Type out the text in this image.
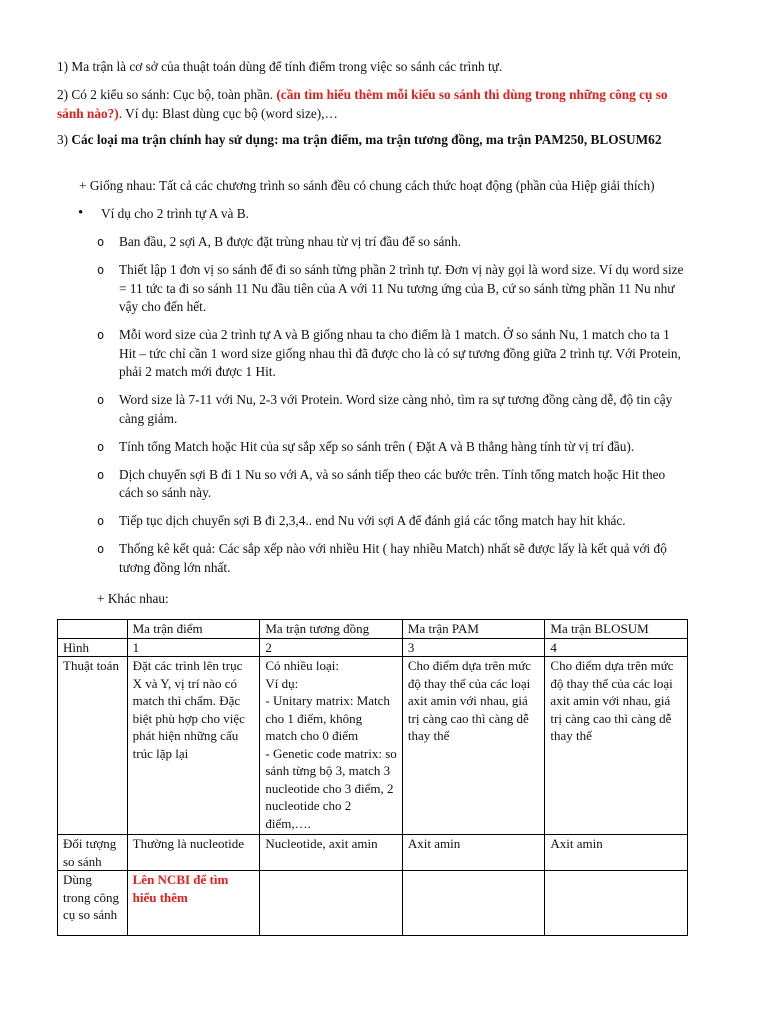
1) Ma trận là cơ sở của thuật toán dùng để tính điểm trong việc so sánh các trình tự.
2) Có 2 kiểu so sánh: Cục bộ, toàn phần. (cần tìm hiểu thêm mỗi kiểu so sánh thì dùng trong những công cụ so sánh nào?). Ví dụ: Blast dùng cục bộ (word size),…
3) Các loại ma trận chính hay sử dụng: ma trận điểm, ma trận tương đồng, ma trận PAM250, BLOSUM62
+ Giống nhau: Tất cả các chương trình so sánh đều có chung cách thức hoạt động (phần của Hiệp giải thích)
• Ví dụ cho 2 trình tự A và B.
o Ban đầu, 2 sợi A, B được đặt trùng nhau từ vị trí đầu để so sánh.
o Thiết lập 1 đơn vị so sánh để đi so sánh từng phần 2 trình tự. Đơn vị này gọi là word size. Ví dụ word size = 11 tức ta đi so sánh 11 Nu đầu tiên của A với 11 Nu tương ứng của B, cứ so sánh từng phần 11 Nu như vậy cho đến hết.
o Mỗi word size của 2 trình tự A và B giống nhau ta cho điểm là 1 match. Ở so sánh Nu, 1 match cho ta 1 Hit – tức chỉ cần 1 word size giống nhau thì đã được cho là có sự tương đồng giữa 2 trình tự. Với Protein, phải 2 match mới được 1 Hit.
o Word size là 7-11 với Nu, 2-3 với Protein. Word size càng nhỏ, tìm ra sự tương đồng càng dễ, độ tin cậy càng giảm.
o Tính tổng Match hoặc Hit của sự sắp xếp so sánh trên ( Đặt A và B thẳng hàng tính từ vị trí đầu).
o Dịch chuyển sợi B đi 1 Nu so với A, và so sánh tiếp theo các bước trên. Tính tổng match hoặc Hit theo cách so sánh này.
o Tiếp tục dịch chuyển sợi B đi 2,3,4.. end Nu với sợi A để đánh giá các tổng match hay hit khác.
o Thống kê kết quả: Các sắp xếp nào với nhiều Hit ( hay nhiều Match) nhất sẽ được lấy là kết quả với độ tương đồng lớn nhất.
+ Khác nhau:
	Ma trận điểm	Ma trận tương đồng	Ma trận PAM	Ma trận BLOSUM
Hình	1	2	3	4
Thuật toán	Đặt các trình lên trục X và Y, vị trí nào có match thì chấm. Đặc biệt phù hợp cho việc phát hiện những cấu trúc lặp lại	Có nhiều loại:
Ví dụ:
- Unitary matrix: Match cho 1 điểm, không match cho 0 điểm
- Genetic code matrix: so sánh từng bộ 3, match 3 nucleotide cho 3 điểm, 2 nucleotide cho 2 điểm,….	Cho điểm dựa trên mức độ thay thế của các loại axit amin với nhau, giá trị càng cao thì càng dễ thay thế	Cho điểm dựa trên mức độ thay thế của các loại axit amin với nhau, giá trị càng cao thì càng dễ thay thế
Đối tượng so sánh	Thường là nucleotide	Nucleotide, axit amin	Axit amin	Axit amin
Dùng trong công cụ so sánh	Lên NCBI để tìm hiểu thêm			
